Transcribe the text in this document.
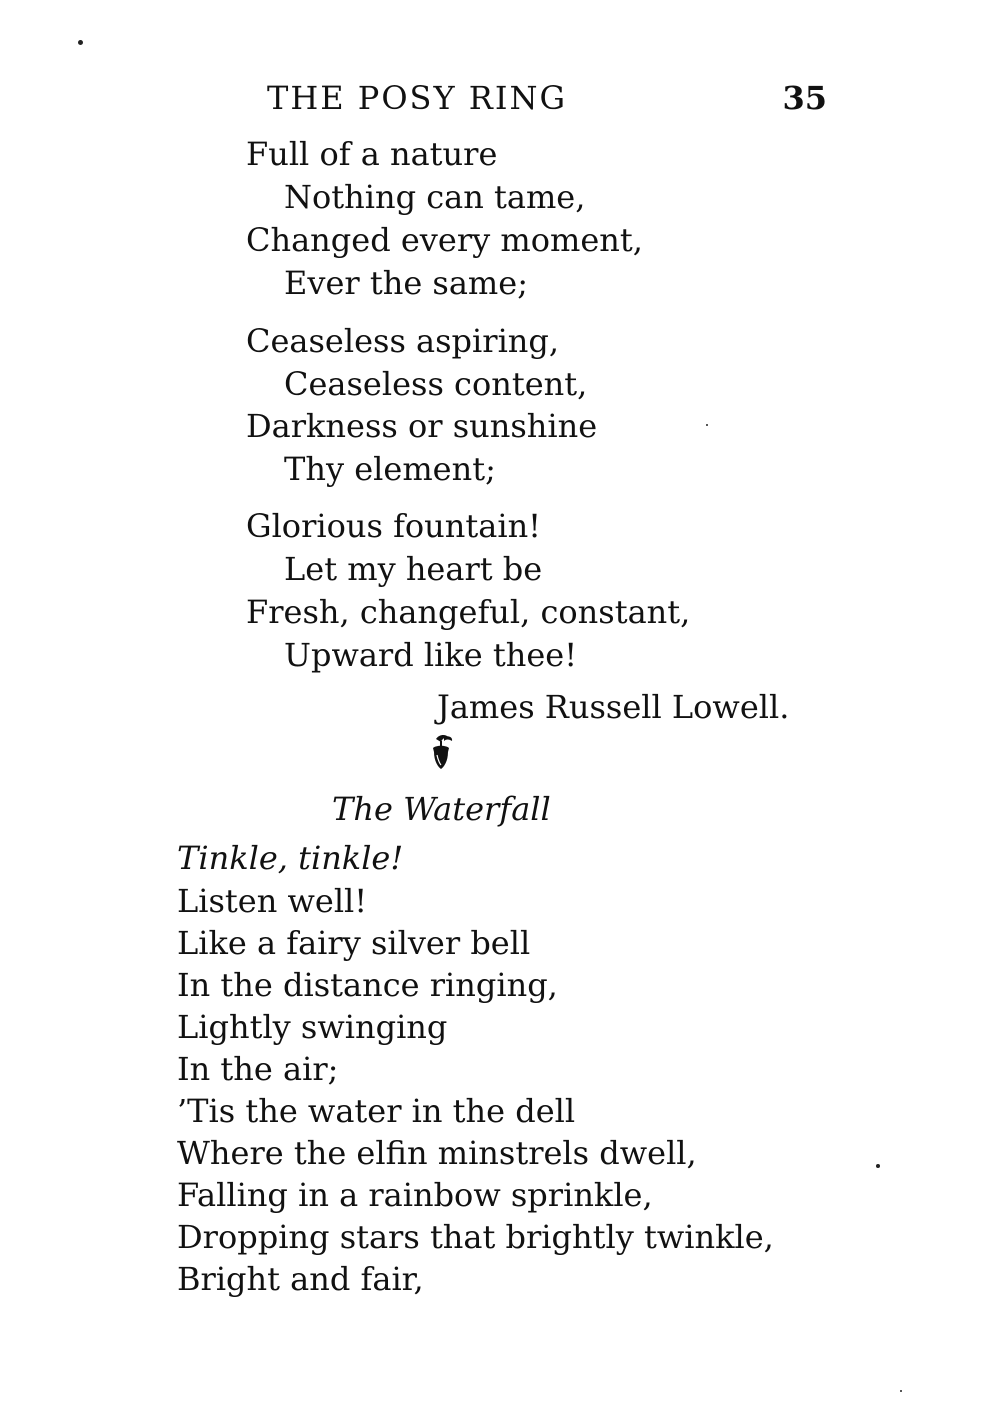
THE POSY RING	35
Full of a nature
Nothing can tame,
Changed every moment,
Ever the same;
Ceaseless aspiring,
Ceaseless content,
Darkness or sunshine
Thy element;
Glorious fountain!
Let my heart be
Fresh, changeful, constant,
Upward like thee!
James Russell Lowell.
The Waterfall
Tinkle, tinkle!
Listen well!
Like a fairy silver bell
In the distance ringing,
Lightly swinging
In the air;
’Tis the water in the dell
Where the elfin minstrels dwell,
Falling in a rainbow sprinkle,
Dropping stars that brightly twinkle,
Bright and fair,
